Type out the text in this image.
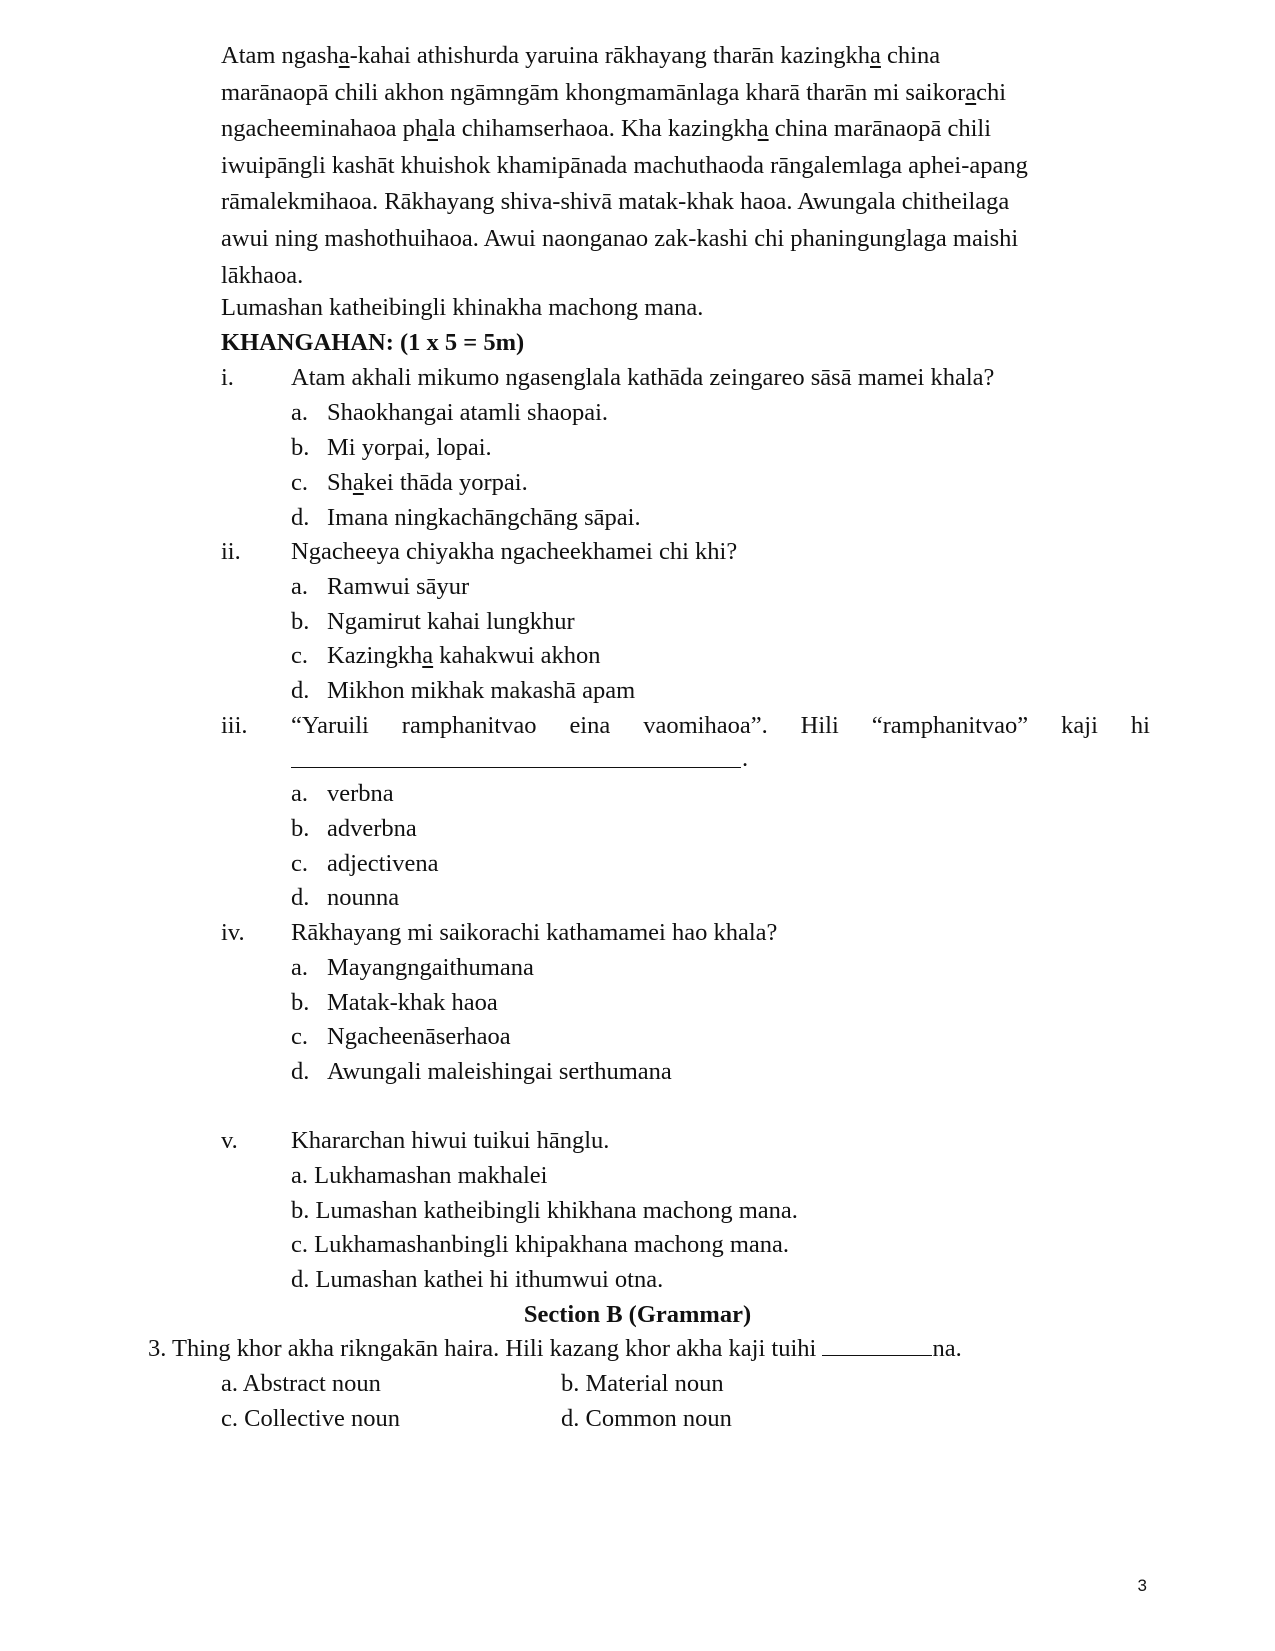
Atam ngasha-kahai athishurda yaruina rākhayang tharān kazingkha china

marānaopā chili akhon ngāmngām khongmamānlaga kharā tharān mi saikorachi

ngacheeminahaoa phala chihamserhaoa. Kha kazingkha china marānaopā chili

iwuipāngli kashāt khuishok khamipānada machuthaoda rāngalemlaga aphei-apang

rāmalekmihaoa. Rākhayang shiva-shivā matak-khak haoa. Awungala chitheilaga

awui ning mashothuihaoa. Awui naonganao zak-kashi chi phaningunglaga maishi

lākhaoa.

Lumashan katheibingli khinakha machong mana.
KHANGAHAN: (1 x 5 = 5m)
i. Atam akhali mikumo ngasenglala kathāda zeingareo sāsā mamei khala?
a. Shaokhangai atamli shaopai.
b. Mi yorpai, lopai.
c. Shakei thāda yorpai.
d. Imana ningkachāngchāng sāpai.
ii. Ngacheeya chiyakha ngacheekhamei chi khi?
a. Ramwui sāyur
b. Ngamirut kahai lungkhur
c. Kazingkha kahakwui akhon
d. Mikhon mikhak makashā apam
iii. “Yaruili ramphanitvao eina vaomihaoa”. Hili “ramphanitvao” kaji hi
.
a. verbna
b. adverbna
c. adjectivena
d. nounna
iv. Rākhayang mi saikorachi kathamamei hao khala?
a. Mayangngaithumana
b. Matak-khak haoa
c. Ngacheenāserhaoa
d. Awungali maleishingai serthumana
v. Khararchan hiwui tuikui hānglu.
a. Lukhamashan makhalei
b. Lumashan katheibingli khikhana machong mana.
c. Lukhamashanbingli khipakhana machong mana.
d. Lumashan kathei hi ithumwui otna.
Section B (Grammar)
3. Thing khor akha rikngakān haira. Hili kazang khor akha kaji tuihi	na.
a. Abstract noun	b. Material noun
c. Collective noun	d. Common noun
3
